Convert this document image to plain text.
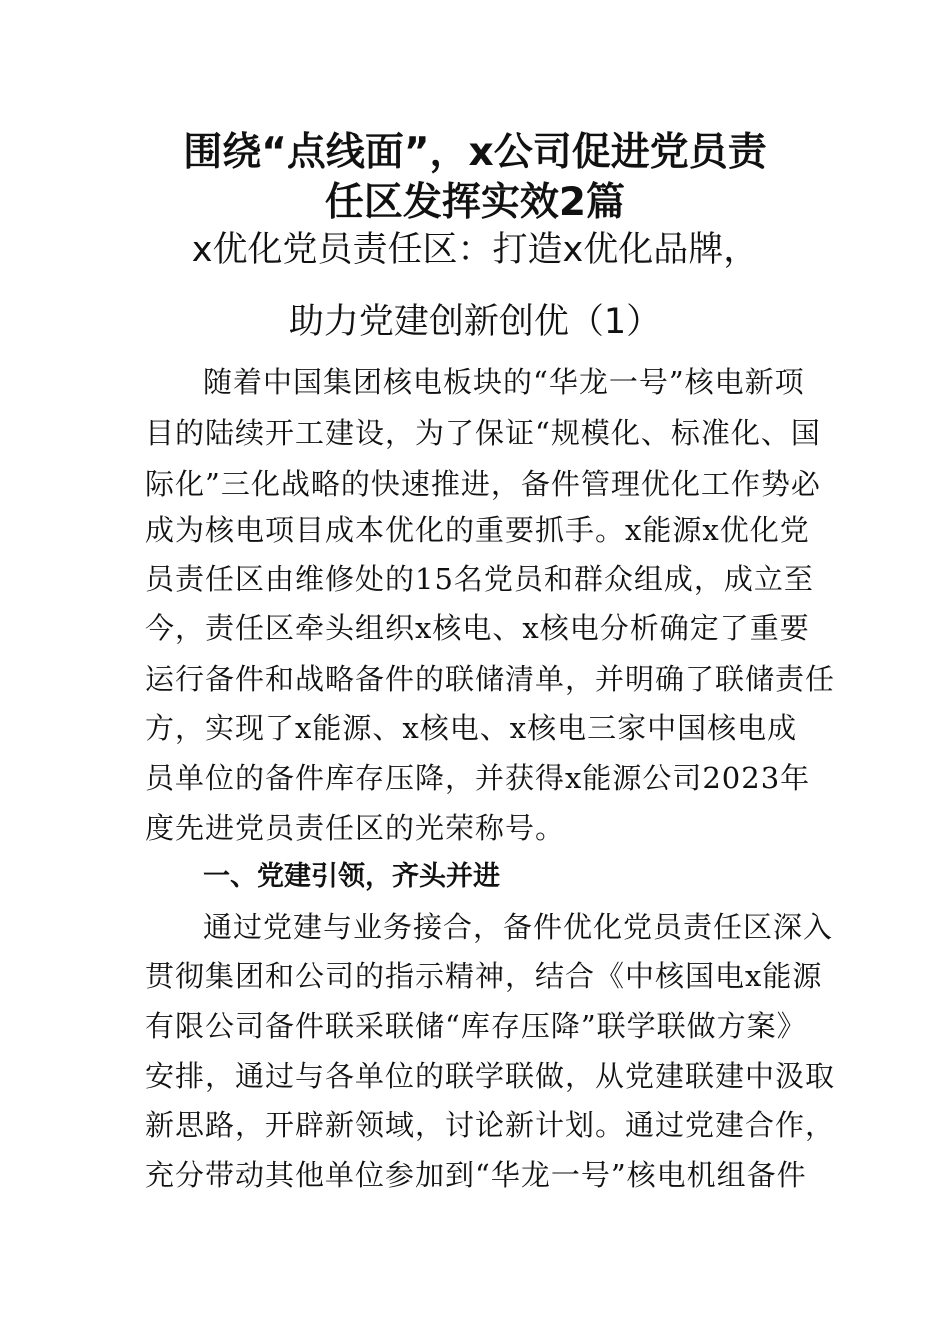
围绕“点线面”，x公司促进党员责
任区发挥实效2篇
x优化党员责任区：打造x优化品牌，
助力党建创新创优（1）
随着中国集团核电板块的“华龙一号”核电新项
目的陆续开工建设，为了保证“规模化、标准化、国
际化”三化战略的快速推进，备件管理优化工作势必
成为核电项目成本优化的重要抓手。x能源x优化党
员责任区由维修处的15名党员和群众组成，成立至
今，责任区牵头组织x核电、x核电分析确定了重要
运行备件和战略备件的联储清单，并明确了联储责任
方，实现了x能源、x核电、x核电三家中国核电成
员单位的备件库存压降，并获得x能源公司2023年
度先进党员责任区的光荣称号。
一、党建引领，齐头并进
通过党建与业务接合，备件优化党员责任区深入
贯彻集团和公司的指示精神，结合《中核国电x能源
有限公司备件联采联储“库存压降”联学联做方案》
安排，通过与各单位的联学联做，从党建联建中汲取
新思路，开辟新领域，讨论新计划。通过党建合作，
充分带动其他单位参加到“华龙一号”核电机组备件
